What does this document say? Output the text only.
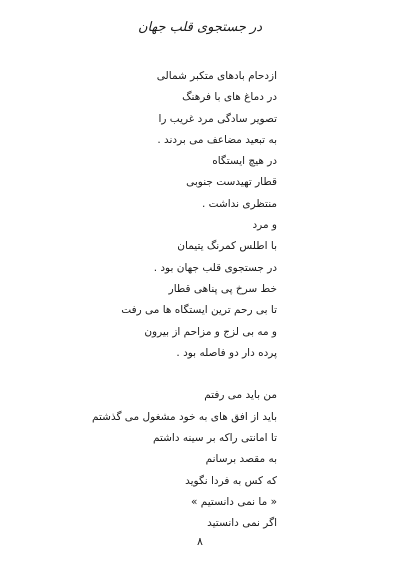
در جستجوی قلب جهان
ازدحام بادهای متکبر شمالی
در دماغ های با فرهنگ
تصویر سادگی مرد غریب را
به تبعید مضاعف می بردند .
در هیچ ایستگاه
قطار تهیدست جنوبی
منتظری نداشت .
و مرد
با اطلس کمرنگ یتیمان
در جستجوی قلب جهان بود .
خط سرخ پی پناهی قطار
تا بی رحم ترین ایستگاه ها می رفت
و مه بی لزج و مزاحم از بیرون
پرده دار دو فاصله بود .
من باید می رفتم
باید از افق های به خود مشغول می گذشتم
تا امانتی راکه بر سینه داشتم
به مقصد برسانم
که کس به فردا نگوید
« ما نمی دانستیم »
اگر نمی دانستید
۸
